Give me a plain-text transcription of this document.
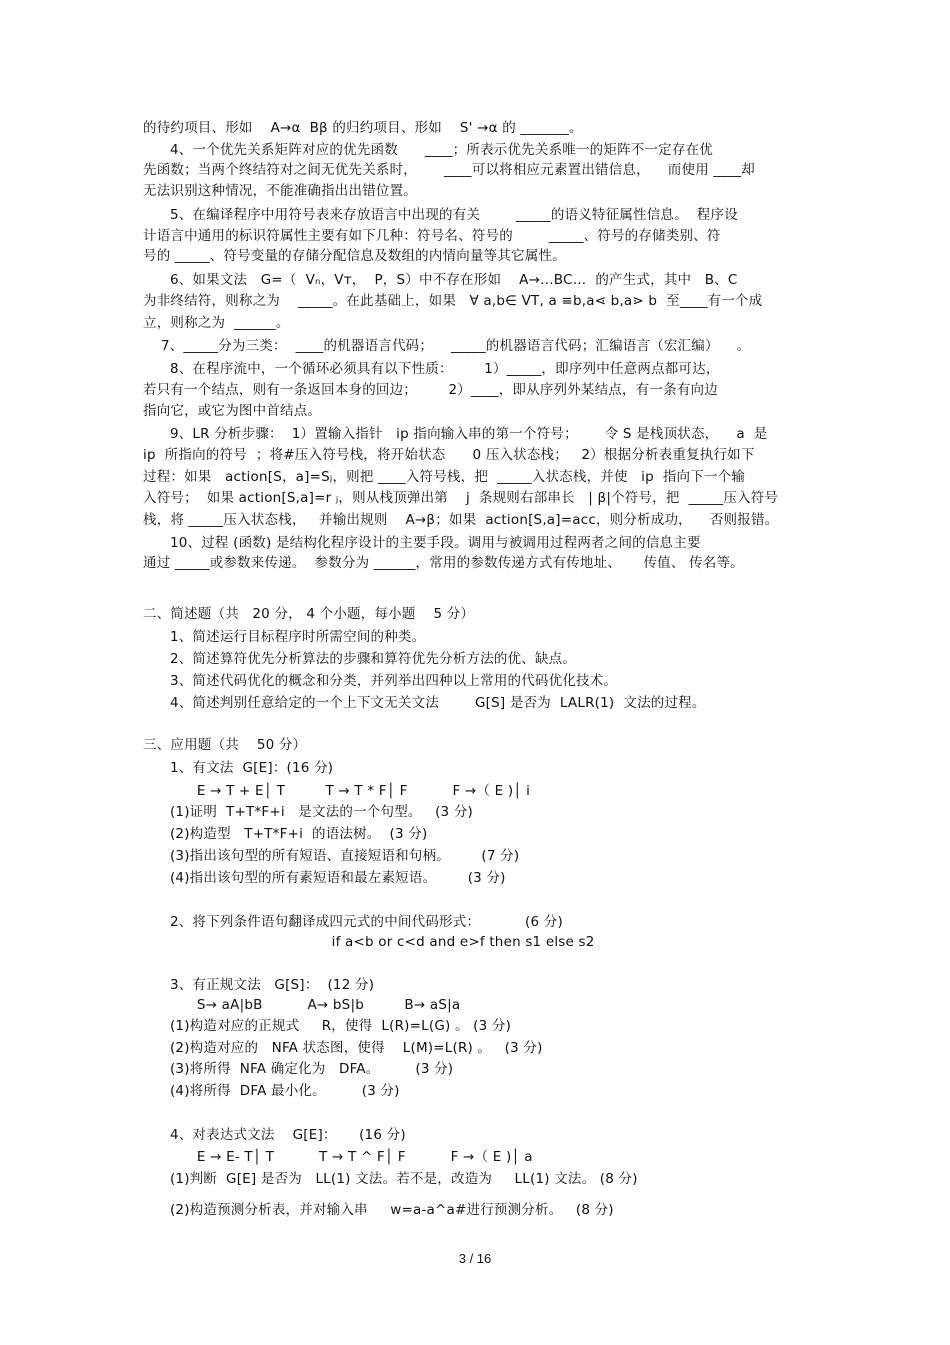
的待约项目、形如    A→α  Bβ 的归约项目、形如    S' →α 的 _______。
4、一个优先关系矩阵对应的优先函数      ____；所表示优先关系唯一的矩阵不一定存在优
先函数；当两个终结符对之间无优先关系时，      ____可以将相应元素置出错信息，    而使用 ____却
无法识别这种情况，不能准确指出出错位置。
5、在编译程序中用符号表来存放语言中出现的有关        _____的语义特征属性信息。  程序设
计语言中通用的标识符属性主要有如下几种：符号名、符号的        _____、符号的存储类别、符
号的 _____、符号变量的存储分配信息及数组的内情向量等其它属性。
6、如果文法   G=（  Vₙ，Vᴛ，  P，S）中不存在形如    A→…BC…  的产生式，其中   B、C
为非终结符，则称之为    _____。在此基础上，如果   ∀ a,b∈ VT, a ≡b,a⋖ b,a⋗ b  至____有一个成
立，则称之为  ______。
7、_____分为三类：  ____的机器语言代码；    _____的机器语言代码；汇编语言（宏汇编）    。
8、在程序流中，一个循环必须具有以下性质：       1）_____，即序列中任意两点都可达，
若只有一个结点，则有一条返回本身的回边；       2）____，即从序列外某结点，有一条有向边
指向它，或它为图中首结点。
9、LR 分析步骤：  1）置输入指针   ip 指向输入串的第一个符号；      令 S 是栈顶状态，    a  是
ip  所指向的符号  ；将#压入符号栈，将开始状态      0 压入状态栈；   2）根据分析表重复执行如下
过程：如果   action[S，a]=Sⱼ，则把 ____入符号栈，把  _____入状态栈，并使   ip  指向下一个输
入符号；  如果 action[S,a]=r ⱼ，则从栈顶弹出第    j  条规则右部串长   | β|个符号，把  _____压入符号
栈，将 _____压入状态栈，   并输出规则    A→β；如果  action[S,a]=acc，则分析成功，    否则报错。
10、过程 (函数) 是结构化程序设计的主要手段。调用与被调用过程两者之间的信息主要
通过 _____或参数来传递。  参数分为 ______，常用的参数传递方式有传地址、     传值、 传名等。
二、简述题（共   20 分， 4 个小题，每小题    5 分）
1、简述运行目标程序时所需空间的种类。
2、简述算符优先分析算法的步骤和算符优先分析方法的优、缺点。
3、简述代码优化的概念和分类，并列举出四种以上常用的代码优化技术。
4、简述判别任意给定的一个上下文无关文法        G[S] 是否为  LALR(1)  文法的过程。
三、应用题（共    50 分）
1、有文法  G[E]：(16 分)
E → T + E│ T         T → T * F│ F          F →（ E )│ i
(1)证明  T+T*F+i   是文法的一个句型。   (3 分)
(2)构造型   T+T*F+i  的语法树。  (3 分)
(3)指出该句型的所有短语、直接短语和句柄。       (7 分)
(4)指出该句型的所有素短语和最左素短语。       (3 分)
2、将下列条件语句翻译成四元式的中间代码形式：          (6 分)
if a<b or c<d and e>f then s1 else s2
3、有正规文法   G[S]：  (12 分)
S→ aA|bB          A→ bS|b         B→ aS|a
(1)构造对应的正规式     R，使得  L(R)=L(G) 。 (3 分)
(2)构造对应的   NFA 状态图，使得    L(M)=L(R) 。   (3 分)
(3)将所得  NFA 确定化为   DFA。        (3 分)
(4)将所得  DFA 最小化。        (3 分)
4、对表达式文法    G[E]：     (16 分)
E → E- T│ T          T → T ^ F│ F          F →（ E )│ a
(1)判断  G[E] 是否为   LL(1) 文法。若不是，改造为     LL(1) 文法。 (8 分)
(2)构造预测分析表，并对输入串     w=a-a^a#进行预测分析。   (8 分)
3 / 16
